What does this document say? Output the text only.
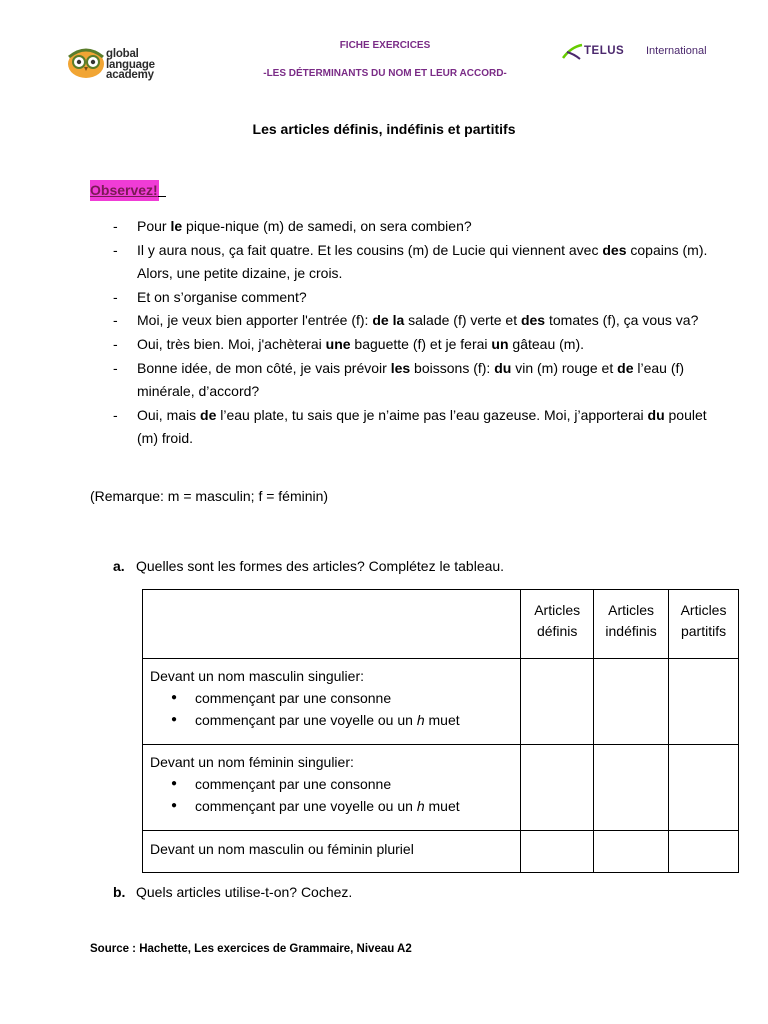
global
language
academy
FICHE EXERCICES
-LES DÉTERMINANTS DU NOM ET LEUR ACCORD-
TELUS International
Les articles définis, indéfinis et partitifs
Observez!
-	Pour le pique-nique (m) de samedi, on sera combien?
-	Il y aura nous, ça fait quatre. Et les cousins (m) de Lucie qui viennent avec des copains (m). Alors, une petite dizaine, je crois.
-	Et on s’organise comment?
-	Moi, je veux bien apporter l'entrée (f): de la salade (f) verte et des tomates (f), ça vous va?
-	Oui, très bien. Moi, j'achèterai une baguette (f) et je ferai un gâteau (m).
-	Bonne idée, de mon côté, je vais prévoir les boissons (f): du vin (m) rouge et de l’eau (f) minérale, d’accord?
-	Oui, mais de l’eau plate, tu sais que je n’aime pas l’eau gazeuse. Moi, j’apporterai du poulet (m) froid.
(Remarque: m = masculin; f = féminin)
a. Quelles sont les formes des articles? Complétez le tableau.
	Articles définis	Articles indéfinis	Articles partitifs

Devant un nom masculin singulier:
● commençant par une consonne
● commençant par une voyelle ou un h muet			

Devant un nom féminin singulier:
● commençant par une consonne
● commençant par une voyelle ou un h muet			

Devant un nom masculin ou féminin pluriel			

b. Quels articles utilise-t-on? Cochez.
Source : Hachette, Les exercices de Grammaire, Niveau A2
